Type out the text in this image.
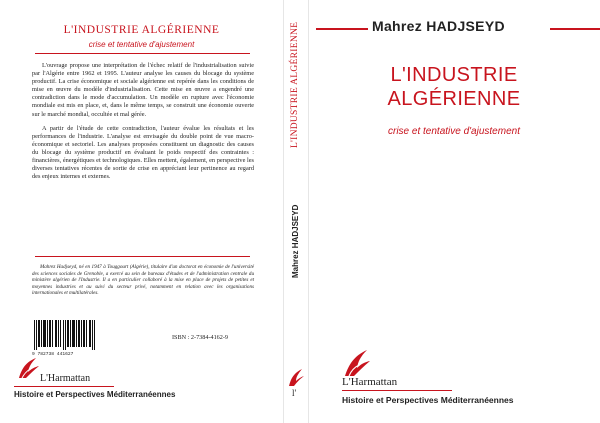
L'INDUSTRIE ALGÉRIENNE
crise et tentative d'ajustement

L'ouvrage propose une interprétation de l'échec relatif de l'industrialisation suivie par l'Algérie entre 1962 et 1995. L'auteur analyse les causes du blocage du système productif. La crise économique et sociale algérienne est repérée dans les conditions de mise en œuvre du modèle d'industrialisation. Cette mise en œuvre a engendré une contradiction dans le mode d'accumulation. Un modèle en rupture avec l'économie mondiale est mis en place, et, dans le même temps, se construit une économie ouverte sur le marché mondial, occultée et mal gérée.

A partir de l'étude de cette contradiction, l'auteur évalue les résultats et les performances de l'industrie. L'analyse est envisagée du double point de vue macro-économique et sectoriel. Les analyses proposées constituent un diagnostic des causes du blocage du système productif en évaluant le poids respectif des contraintes : financières, énergétiques et technologiques. Elles mettent, également, en perspective les diverses tentatives récentes de sortie de crise en appréciant leur pertinence au regard des enjeux internes et externes.

Mahrez Hadjseyd, né en 1947 à Touggourt (Algérie), titulaire d'un doctorat en économie de l'université des sciences sociales de Grenoble, a exercé au sein de bureaux d'études et de l'administration centrale du ministère algérien de l'Industrie. Il a en particulier collaboré à la mise en place de projets de petites et moyennes industries et au suivi du secteur privé, notamment en relation avec les organisations internationales et multilatérales.
9 782738 441627
ISBN : 2-7384-4162-9
L'Harmattan
Histoire et Perspectives Méditerranéennes
L'INDUSTRIE ALGÉRIENNE
Mahrez HADJSEYD
l'
Mahrez HADJSEYD
L'INDUSTRIE
ALGÉRIENNE
crise et tentative d'ajustement
L'Harmattan
Histoire et Perspectives Méditerranéennes
